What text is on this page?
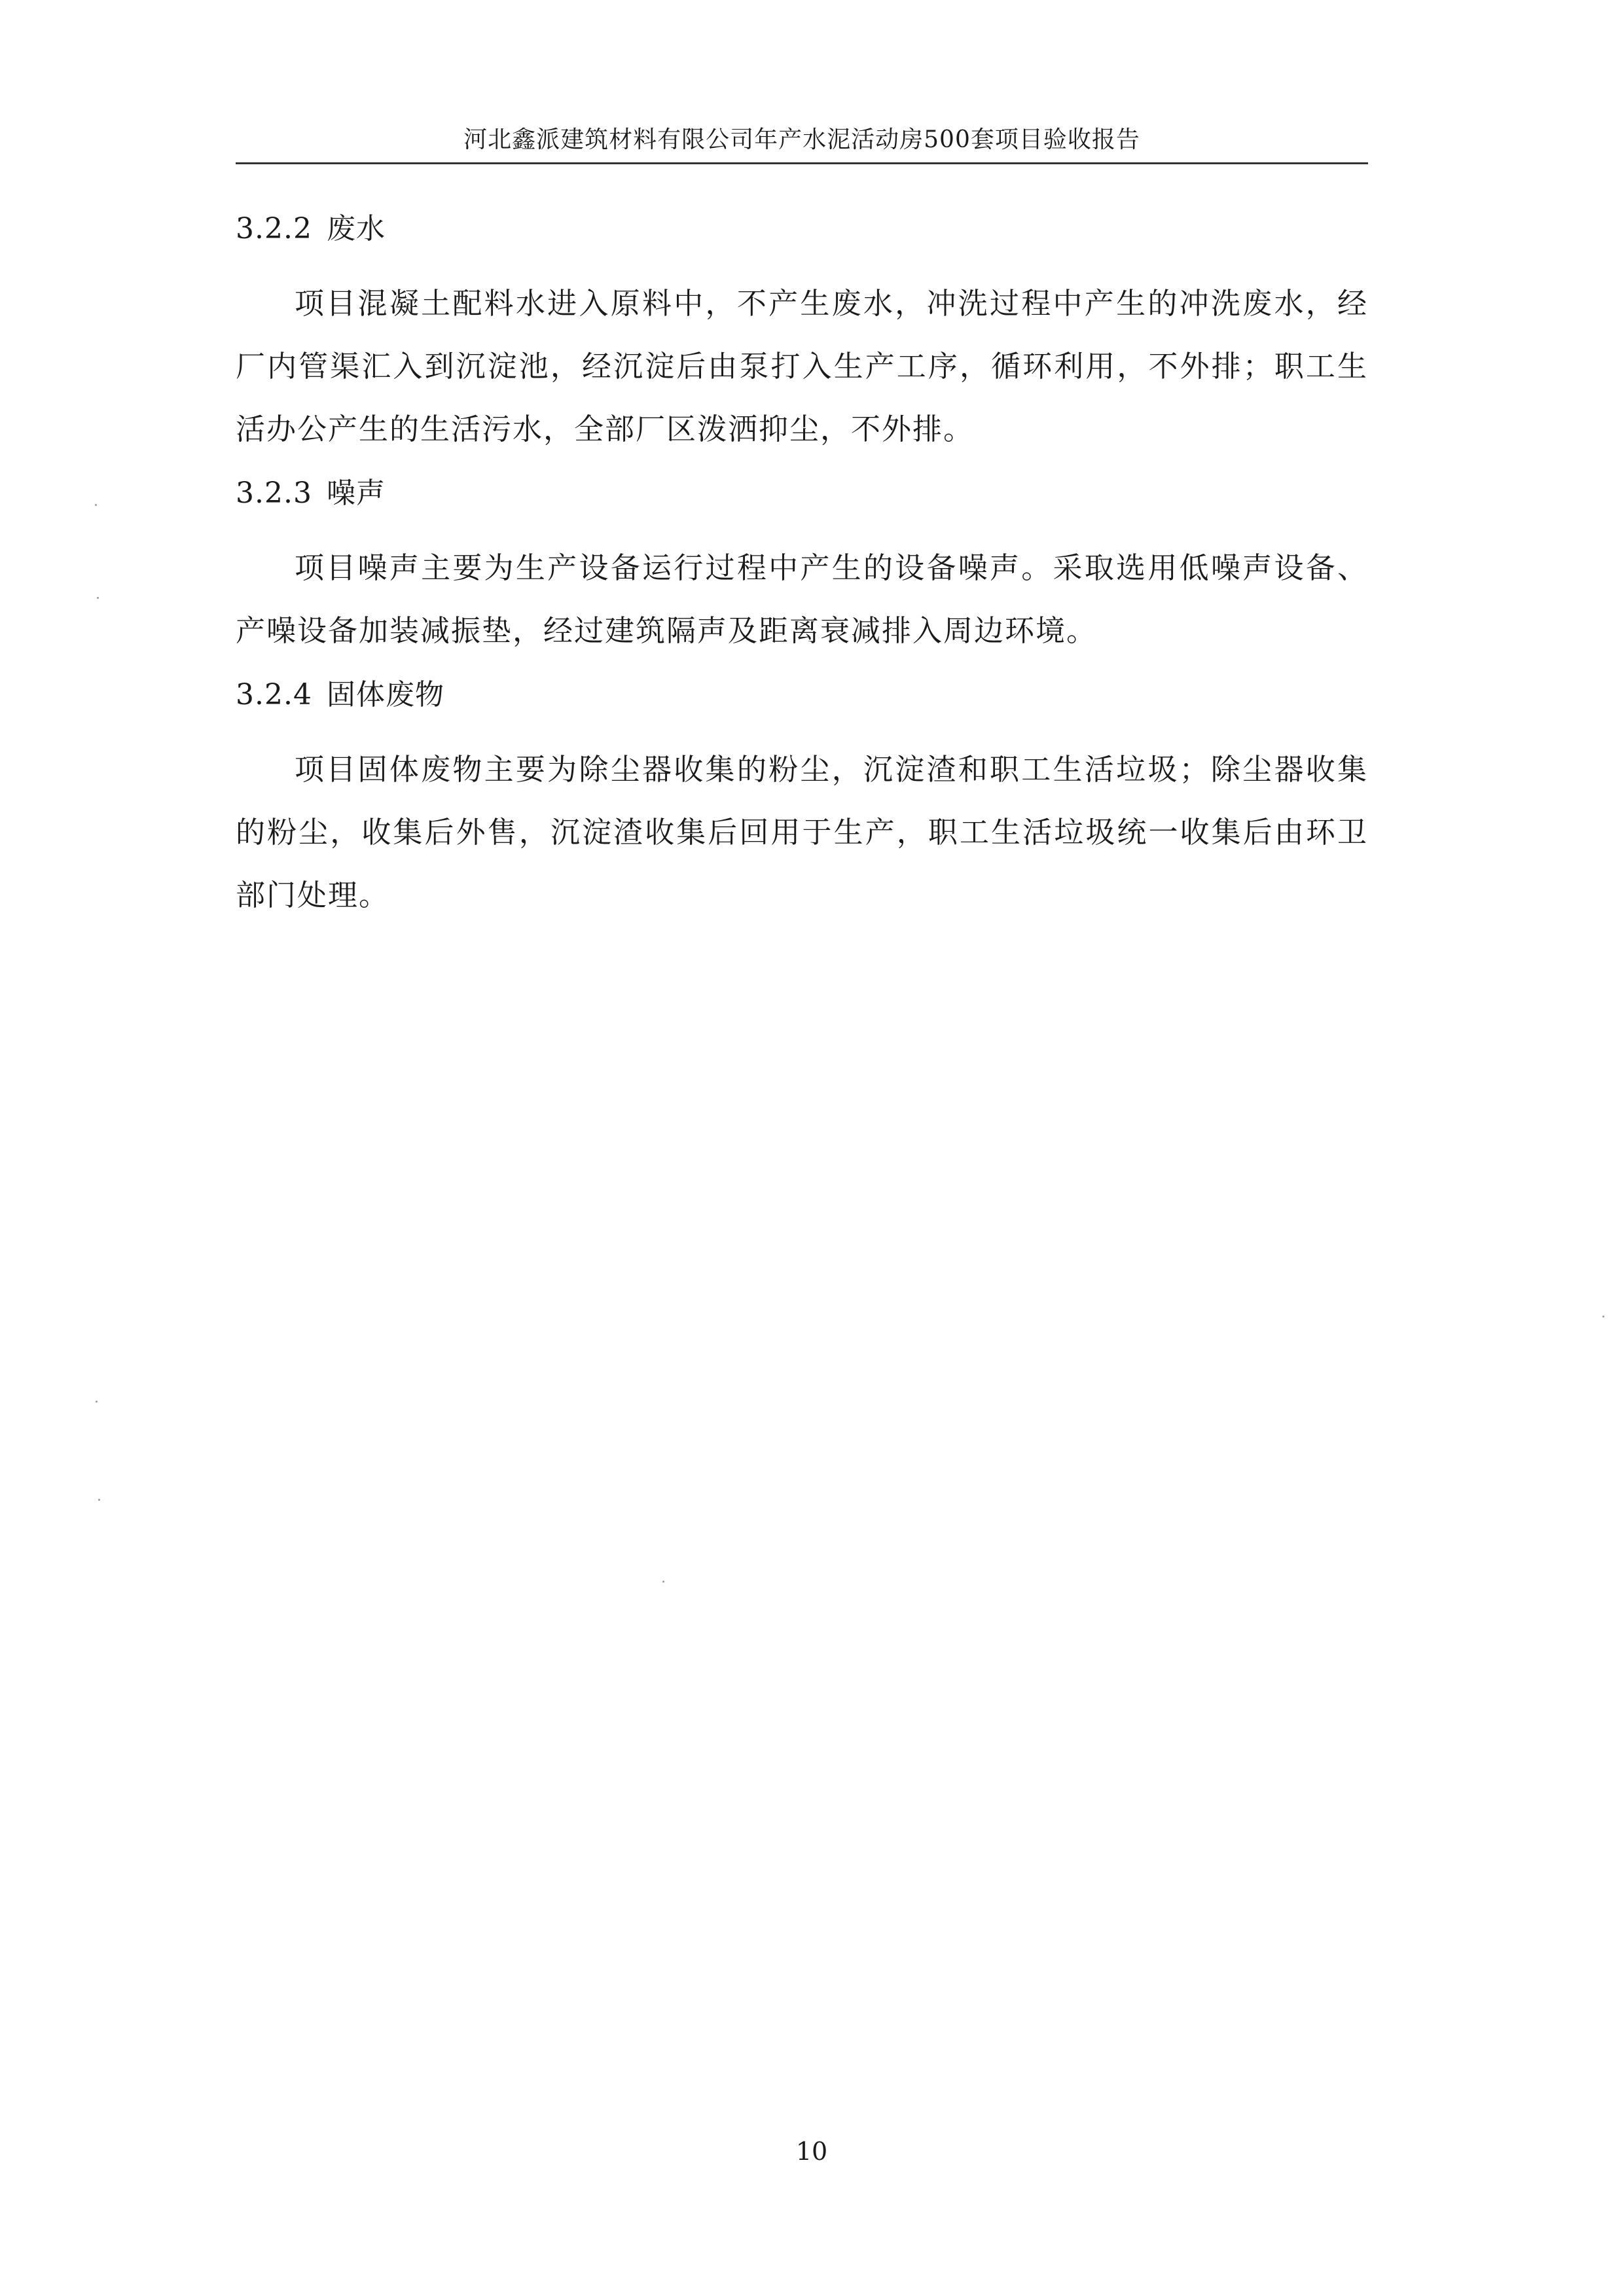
河北鑫派建筑材料有限公司年产水泥活动房500套项目验收报告
3.2.2 废水

项目混凝土配料水进入原料中，不产生废水，冲洗过程中产生的冲洗废水，经厂内管渠汇入到沉淀池，经沉淀后由泵打入生产工序，循环利用，不外排；职工生活办公产生的生活污水，全部厂区泼洒抑尘，不外排。

3.2.3 噪声

项目噪声主要为生产设备运行过程中产生的设备噪声。采取选用低噪声设备、产噪设备加装减振垫，经过建筑隔声及距离衰减排入周边环境。

3.2.4 固体废物

项目固体废物主要为除尘器收集的粉尘，沉淀渣和职工生活垃圾；除尘器收集的粉尘，收集后外售，沉淀渣收集后回用于生产，职工生活垃圾统一收集后由环卫部门处理。

10
